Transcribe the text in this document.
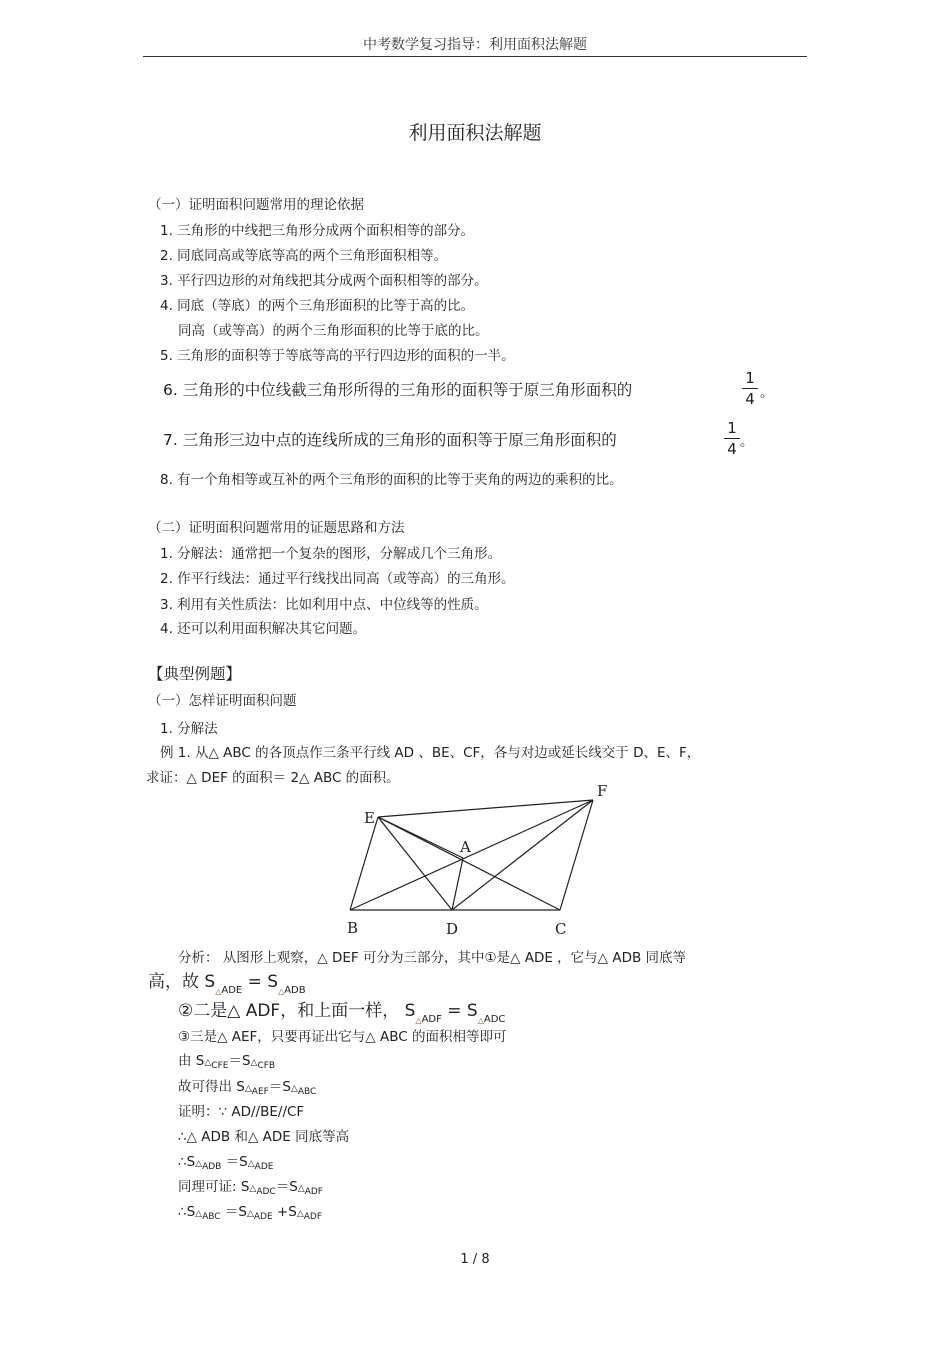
中考数学复习指导：利用面积法解题
利用面积法解题
（一）证明面积问题常用的理论依据
1. 三角形的中线把三角形分成两个面积相等的部分。
2. 同底同高或等底等高的两个三角形面积相等。
3. 平行四边形的对角线把其分成两个面积相等的部分。
4. 同底（等底）的两个三角形面积的比等于高的比。
同高（或等高）的两个三角形面积的比等于底的比。
5. 三角形的面积等于等底等高的平行四边形的面积的一半。
6. 三角形的中位线截三角形所得的三角形的面积等于原三角形面积的
1
4 。
7. 三角形三边中点的连线所成的三角形的面积等于原三角形面积的
1
4 。
8. 有一个角相等或互补的两个三角形的面积的比等于夹角的两边的乘积的比。
（二）证明面积问题常用的证题思路和方法
1. 分解法：通常把一个复杂的图形，分解成几个三角形。
2. 作平行线法：通过平行线找出同高（或等高）的三角形。
3. 利用有关性质法：比如利用中点、中位线等的性质。
4. 还可以利用面积解决其它问题。
【典型例题】
（一）怎样证明面积问题
1. 分解法
例 1. 从△ ABC 的各顶点作三条平行线 AD 、BE、CF，各与对边或延长线交于 D、E、F，
求证：△ DEF 的面积＝ 2△ ABC 的面积。
E
F
A
B	D	C
分析： 从图形上观察，△ DEF 可分为三部分，其中①是△ ADE ，它与△ ADB 同底等
高，故 $S_{\triangle ADE} = S_{\triangle ADB}$
②二是△ ADF，和上面一样， $S_{\triangle ADF} = S_{\triangle ADC}$
③三是△ AEF，只要再证出它与△ ABC 的面积相等即可
由 $S\triangle_{CFE}=S\triangle_{CFB}$
故可得出 $S\triangle_{AEF}=S\triangle_{ABC}$
证明：∵ AD//BE//CF
∴△ ADB 和△ ADE 同底等高
$\therefore S\triangle_{ADB}$ $=S\triangle_{ADE}$
同理可证: $S\triangle_{ADC}=S\triangle_{ADF}$
$\therefore S\triangle_{ABC}$ $=S\triangle_{ADE}$ $+S\triangle_{ADF}$
1 / 8
